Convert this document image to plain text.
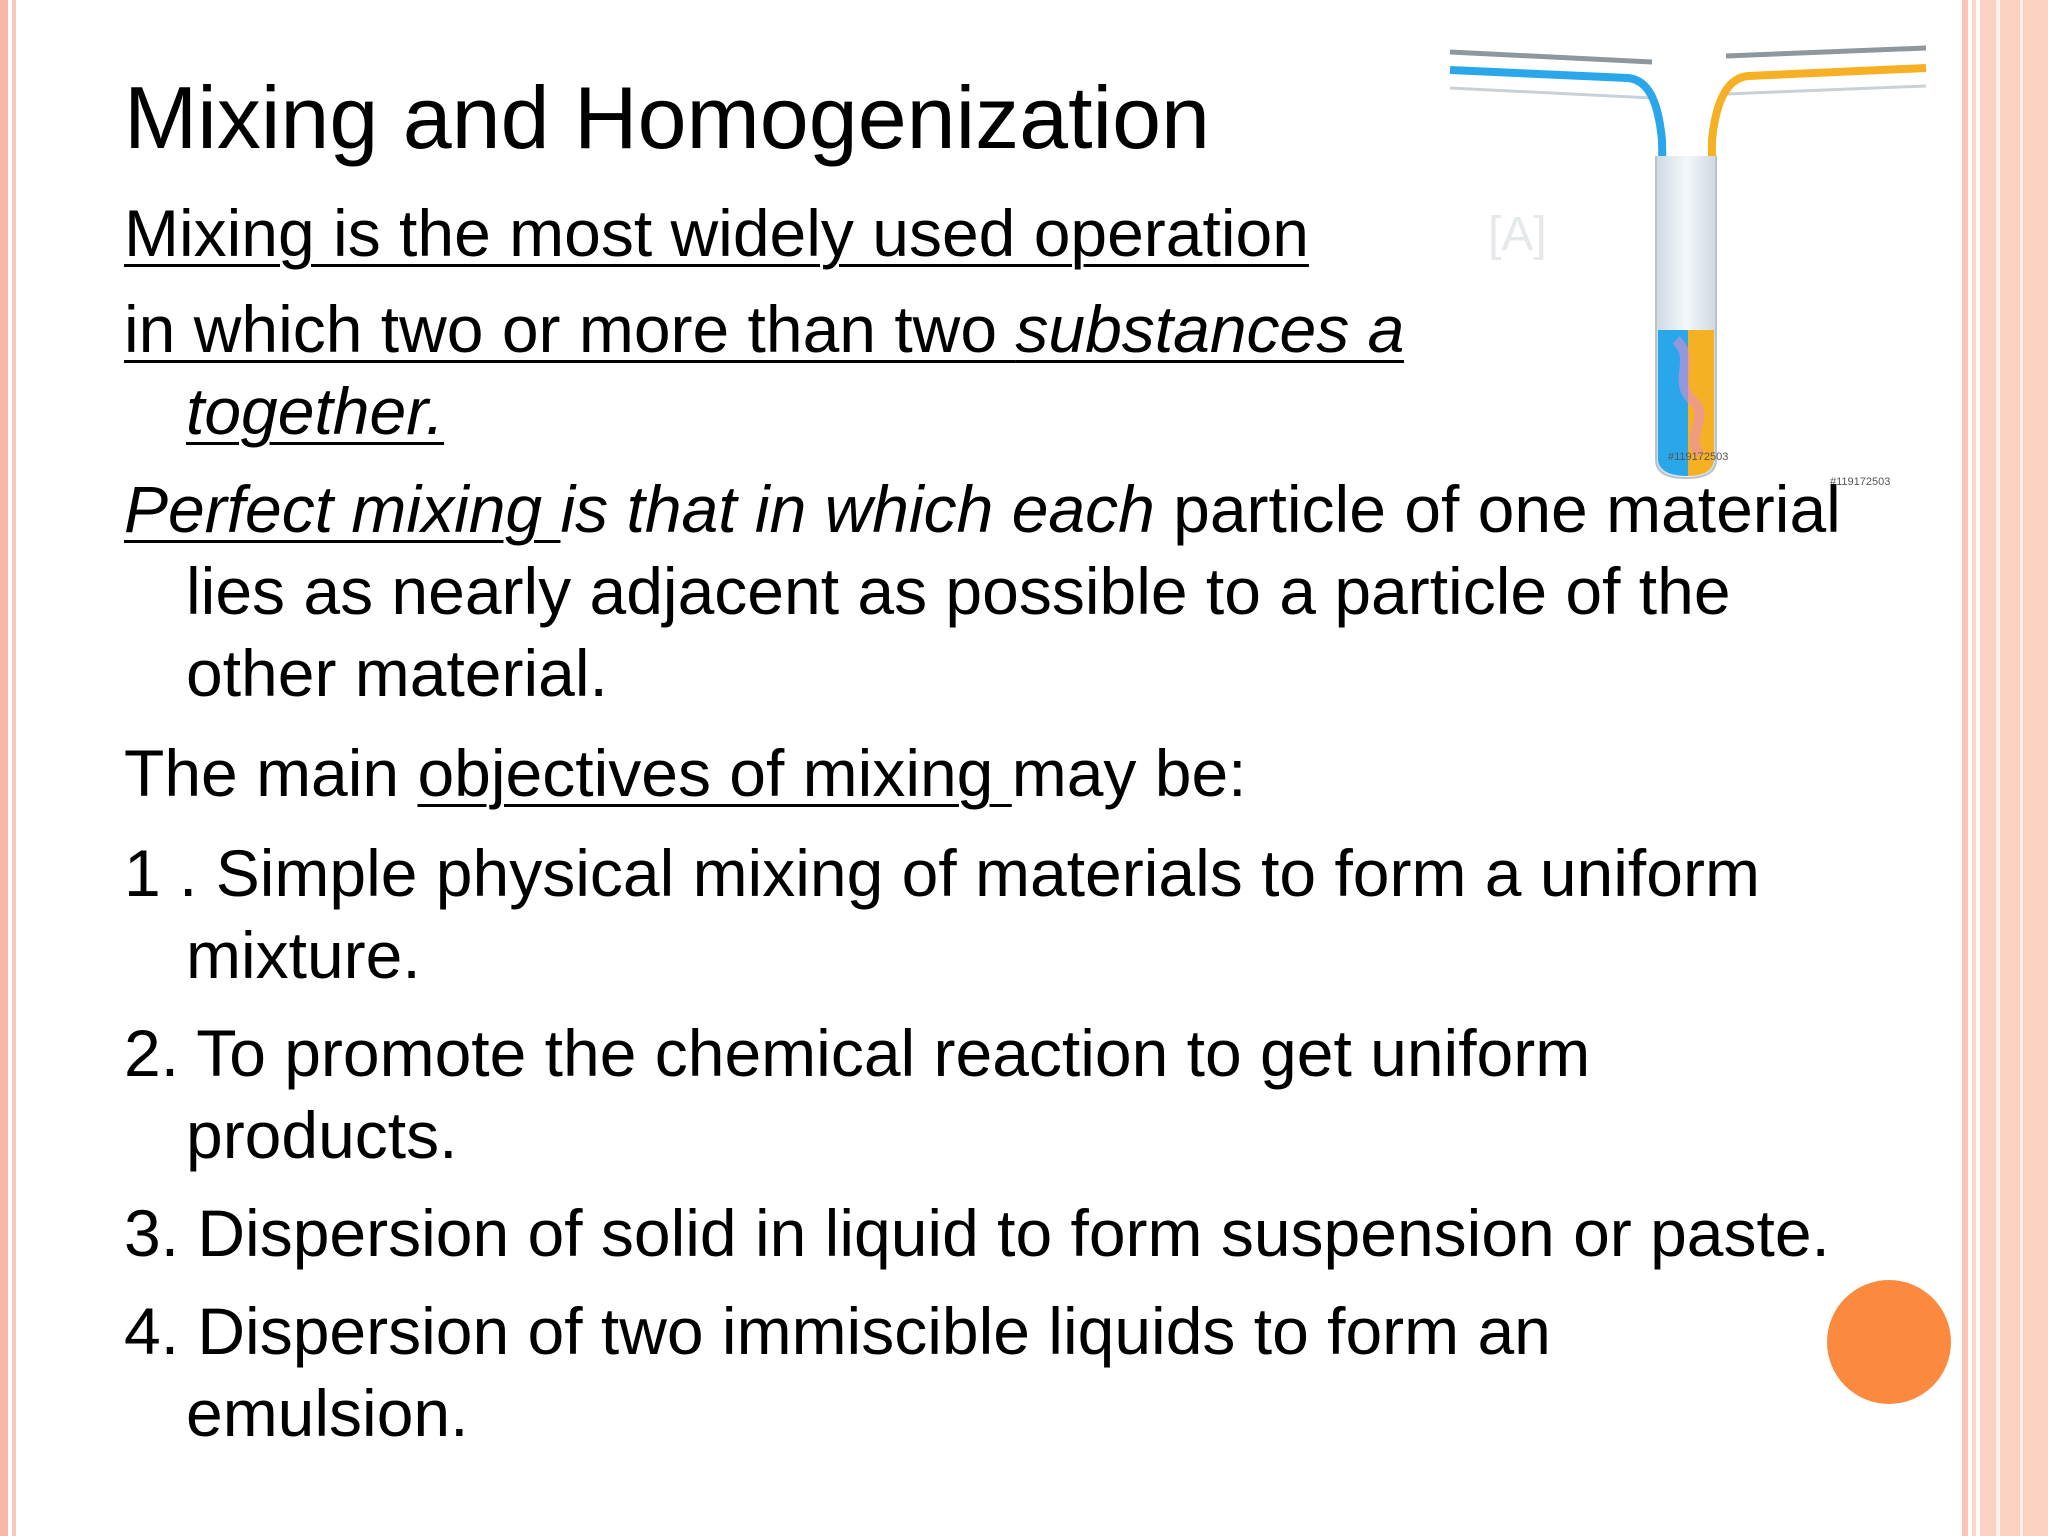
[A]
#119172503
#119172503
Mixing and Homogenization
Mixing is the most widely used operation
in which two or more than two substances a
together.
Perfect mixing is that in which each particle of one material
lies as nearly adjacent as possible to a particle of the
other material.
The main objectives of mixing may be:
1 . Simple physical mixing of materials to form a uniform
mixture.
2. To promote the chemical reaction to get uniform
products.
3. Dispersion of solid in liquid to form suspension or paste.
4. Dispersion of two immiscible liquids to form an
emulsion.
